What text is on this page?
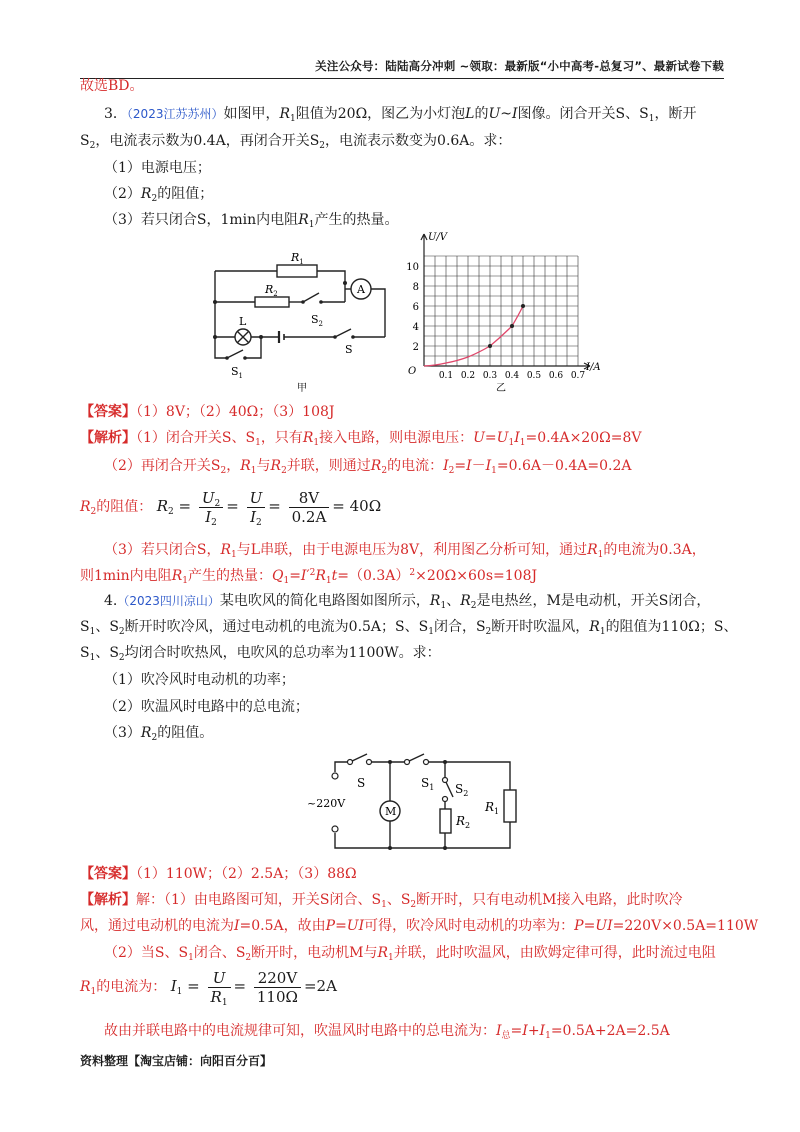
关注公众号：陆陆高分冲刺 ~领取：最新版“小中高考-总复习”、最新试卷下载
故选BD。
3．（2023江苏苏州）如图甲，$R_1$阻值为20Ω，图乙为小灯泡L的U~I图像。闭合开关S、$S_1$，断开
$S_2$，电流表示数为0.4A，再闭合开关$S_2$，电流表示数变为0.6A。求：
（1）电源电压；
$(2)R_2$的阻值；
（3）若只闭合S，1min内电阻$R_1$产生的热量。
$R_1$
$R_2$	A
L	$S_2$
S
$S_1$
甲
2
4
6
8
10
0.1 0.2 0.3 0.4 0.5 0.6 0.7
O
U/V
I/A
乙
【答案】（1）8V；（2）40Ω；（3）108J
【解析】（1）闭合开关S、$S_1$，只有$R_1$接入电路，则电源电压：$U=U_1I_1=0.4A\times 20\Omega=8V$
（2）再闭合开关$S_2$，$R_1$与$R_2$并联，则通过$R_2$的电流：$I_2=I-I_1=0.6A-0.4A=0.2A$
$R_2$的阻值： $R_2 = \frac{U_2}{I_2} = \frac{U}{I_2} = \frac{8V}{0.2A} = 40\Omega$
（3）若只闭合S，$R_1$与L串联，由于电源电压为8V，利用图乙分析可知，通过$R_1$的电流为0.3A，
则1min内电阻$R_1$产生的热量：$Q_1=I'^2R_1t=(0.3A)^2\times 20\Omega\times 60s=108J$
4.（2023四川凉山）某电吹风的简化电路图如图所示，$R_1$、$R_2$是电热丝，M是电动机，开关S闭合，
$S_1$、$S_2$断开时吹冷风，通过电动机的电流为0.5A；S、$S_1$闭合，$S_2$断开时吹温风，$R_1$的阻值为110Ω；S、
$S_1$、$S_2$均闭合时吹热风，电吹风的总功率为1100W。求：
（1）吹冷风时电动机的功率；
（2）吹温风时电路中的总电流；
$(3)R_2$的阻值。
S	$S_1$ $S_2$
~220V
M	$R_1$
$R_2$
【答案】（1）110W；（2）2.5A；（3）88Ω
【解析】解：（1）由电路图可知，开关S闭合、$S_1$、$S_2$断开时，只有电动机M接入电路，此时吹冷
风，通过电动机的电流为I=0.5A，故由P=UI可得，吹冷风时电动机的功率为：P=UI=220V×0.5A=110W
（2）当S、$S_1$闭合、$S_2$断开时，电动机M与$R_1$并联，此时吹温风，由欧姆定律可得，此时流过电阻
$R_1$的电流为： $I_1 = \frac{U}{R_1} = \frac{220V}{110\Omega} =2A$
故由并联电路中的电流规律可知，吹温风时电路中的总电流为：$I_总=I+I_1=0.5A+2A=2.5A$
资料整理【淘宝店铺：向阳百分百】
